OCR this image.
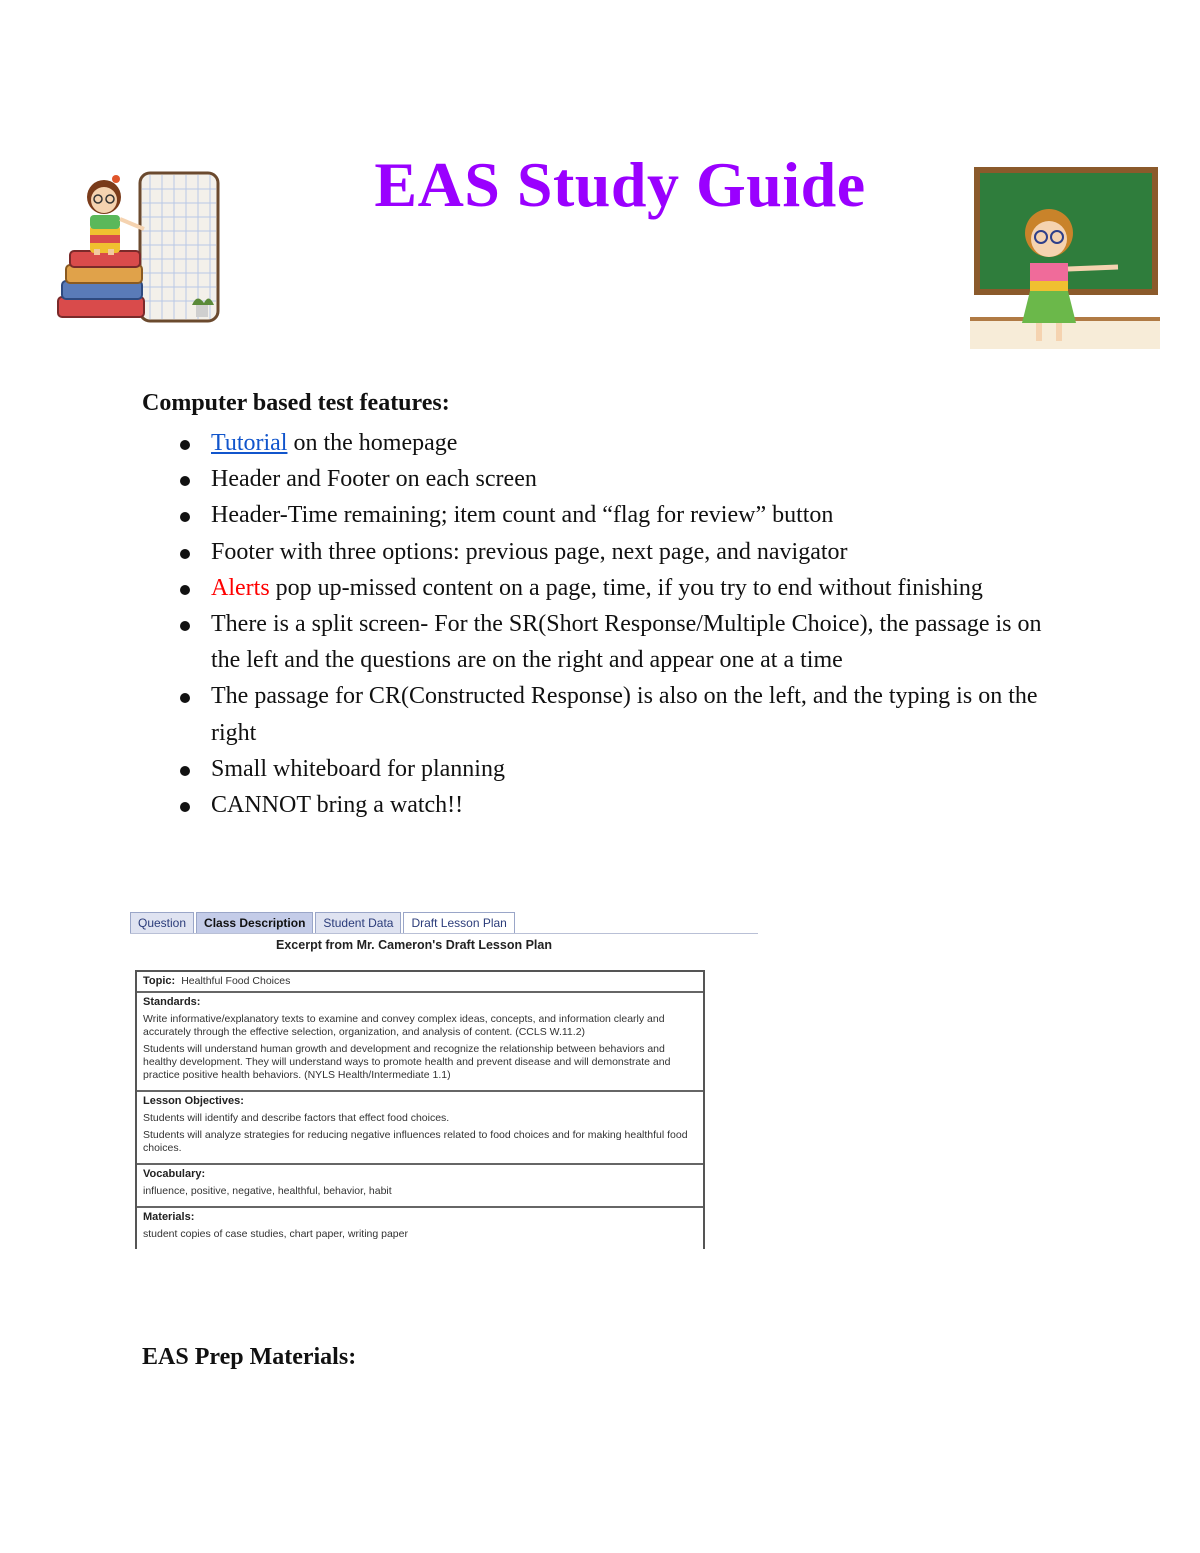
EAS Study Guide
Computer based test features:
Tutorial on the homepage
Header and Footer on each screen
Header-Time remaining; item count and “flag for review” button
Footer with three options: previous page, next page, and navigator
Alerts pop up-missed content on a page, time, if you try to end without finishing
There is a split screen- For the SR(Short Response/Multiple Choice), the passage is on the left and the questions are on the right and appear one at a time
The passage for CR(Constructed Response) is also on the left, and the typing is on the right
Small whiteboard for planning
CANNOT bring a watch!!
Question	Class Description	Student Data	Draft Lesson Plan
Excerpt from Mr. Cameron's Draft Lesson Plan
Topic: Healthful Food Choices
Standards:

Write informative/explanatory texts to examine and convey complex ideas, concepts, and information clearly and accurately through the effective selection, organization, and analysis of content. (CCLS W.11.2)

Students will understand human growth and development and recognize the relationship between behaviors and healthy development. They will understand ways to promote health and prevent disease and will demonstrate and practice positive health behaviors. (NYLS Health/Intermediate 1.1)

Lesson Objectives:

Students will identify and describe factors that effect food choices.

Students will analyze strategies for reducing negative influences related to food choices and for making healthful food choices.

Vocabulary:

influence, positive, negative, healthful, behavior, habit

Materials:

student copies of case studies, chart paper, writing paper

EAS Prep Materials:
